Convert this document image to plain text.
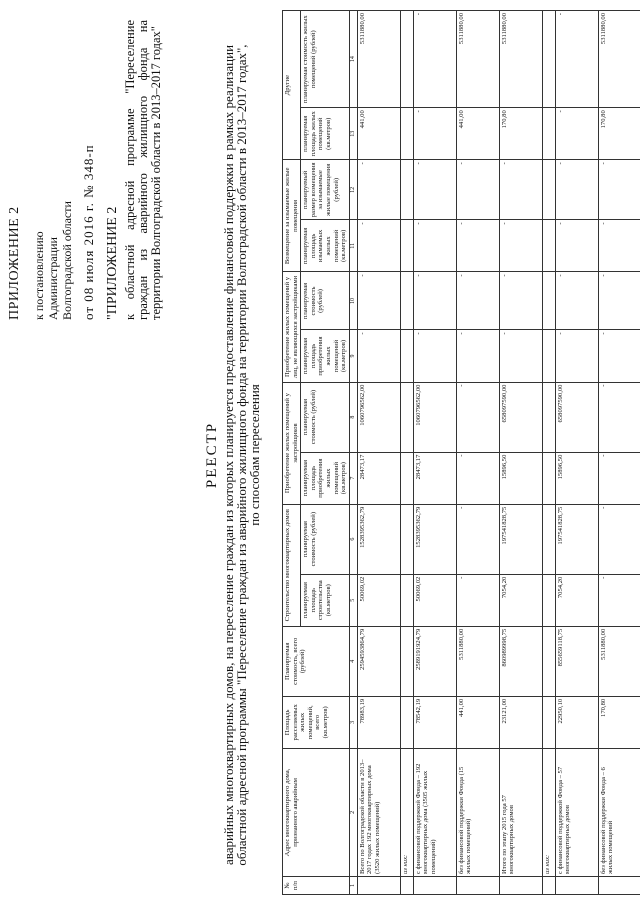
ПРИЛОЖЕНИЕ 2 к постановлению Администрации Волгоградской области от 08 июля 2016 г. № 348-п "ПРИЛОЖЕНИЕ 2 к областной адресной программе "Переселение граждан из аварийного жилищного фонда на территории Волгоградской области в 2013–2017 годах"
РЕЕСТР аварийных многоквартирных домов, на переселение граждан из которых планируется предоставление финансовой поддержки в рамках реализации
областной адресной программы "Переселение граждан из аварийного жилищного фонда на территории Волгоградской области в 2013–2017 годах",
по способам переселения
№ п/п	Адрес многоквартирного дома, признанного аварийным	Площадь расселяемых жилых помещений, всего (кв.метров)	Планируемая стоимость, всего (рублей)	Строительство многоквартирных домов		Приобретение жилых помещений у застройщиков		Приобретение жилых помещений у лиц, не являющихся застройщиками		Возмещение за изымаемые жилые помещения		Другие	
				планируемая площадь строительства (кв.метров)	планируемая стоимость (рублей)	планируемая площадь приобретения жилых помещений (кв.метров)	планируемая стоимость (рублей)	планируемая площадь приобретения жилых помещений (кв.метров)	планируемая стоимость (рублей)	планируемая площадь изымаемых жилых помещений (кв.метров)	планируемый размер возмещения за изымаемые жилые помещения (рублей)	планируемая площадь жилых помещений (кв.метров)	планируемая стоимость жилых помещений (рублей)
1	2	3	4	5	6	7	8	9	10	11	12	13	14
	Всего по Волгоградской области в 2013–2017 годах 192 многоквартирных дома (3520 жилых помещений)	78983,19	2594593864,79	50069,02	1528395362,79	28473,17	1060796562,00	-	-	-	-	441,00	5311880,00
	из них:												
	с финансовой поддержкой Фонда – 192 многоквартирных дома (3505 жилых помещений)	78542,19	2589191924,79	50069,02	1528395362,79	28473,17	1060796562,00	-	-	-	-	-	-
	без финансовой поддержки Фонда (15 жилых помещений)	441,00	5311880,00	-	-	-	-	-	-	-	-	441,00	5311880,00
	Итого по этапу 2015 года 57 многоквартирных домов	23121,00	860989998,75	7054,20	197541828,75	15896,50	658097590,00	-	-	-	-	170,80	5311880,00
	из них:												
	с финансовой поддержкой Фонда – 57 многоквартирных домов	22950,10	855659118,75	7054,20	197541828,75	15896,50	658097590,00	-	-	-	-	-	-
	без финансовой поддержки Фонда – 6 жилых помещений	170,80	5311880,00	-	-	-	-	-	-	-	-	170,80	5311880,00
